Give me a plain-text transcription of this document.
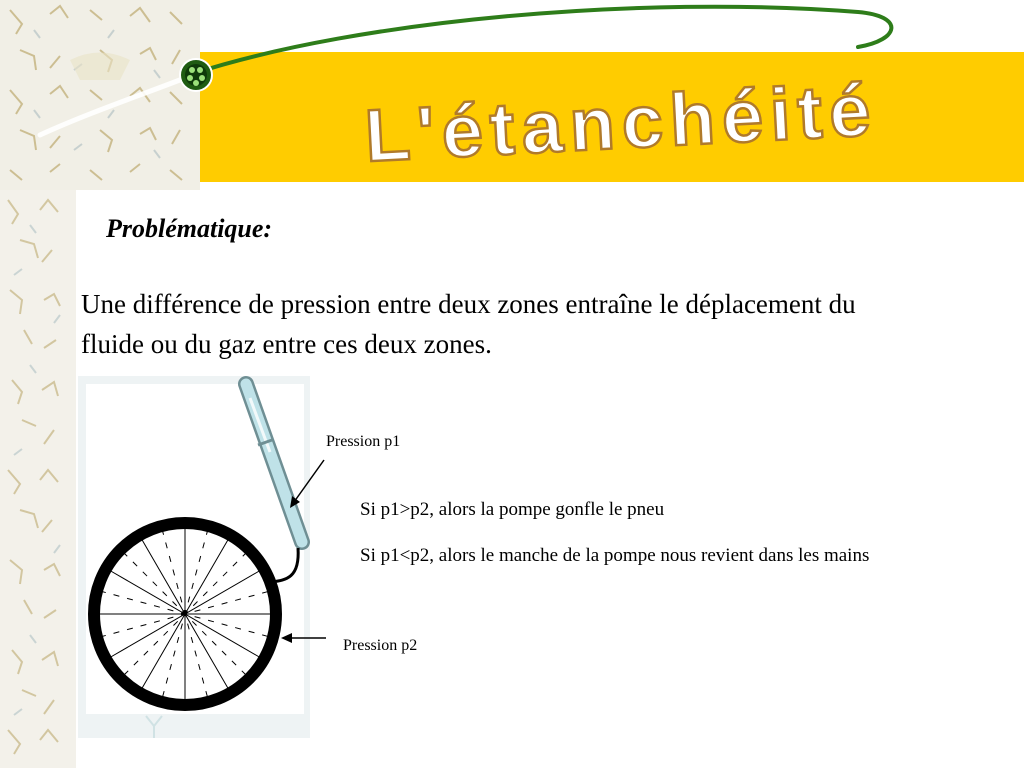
L'étanchéité
Problématique:
Une différence de pression entre deux zones entraîne le déplacement du fluide ou du gaz entre ces deux zones.
Pression p1
Pression p2
Si p1>p2, alors la pompe gonfle le pneu
Si p1<p2, alors le manche de la pompe nous revient dans les mains
